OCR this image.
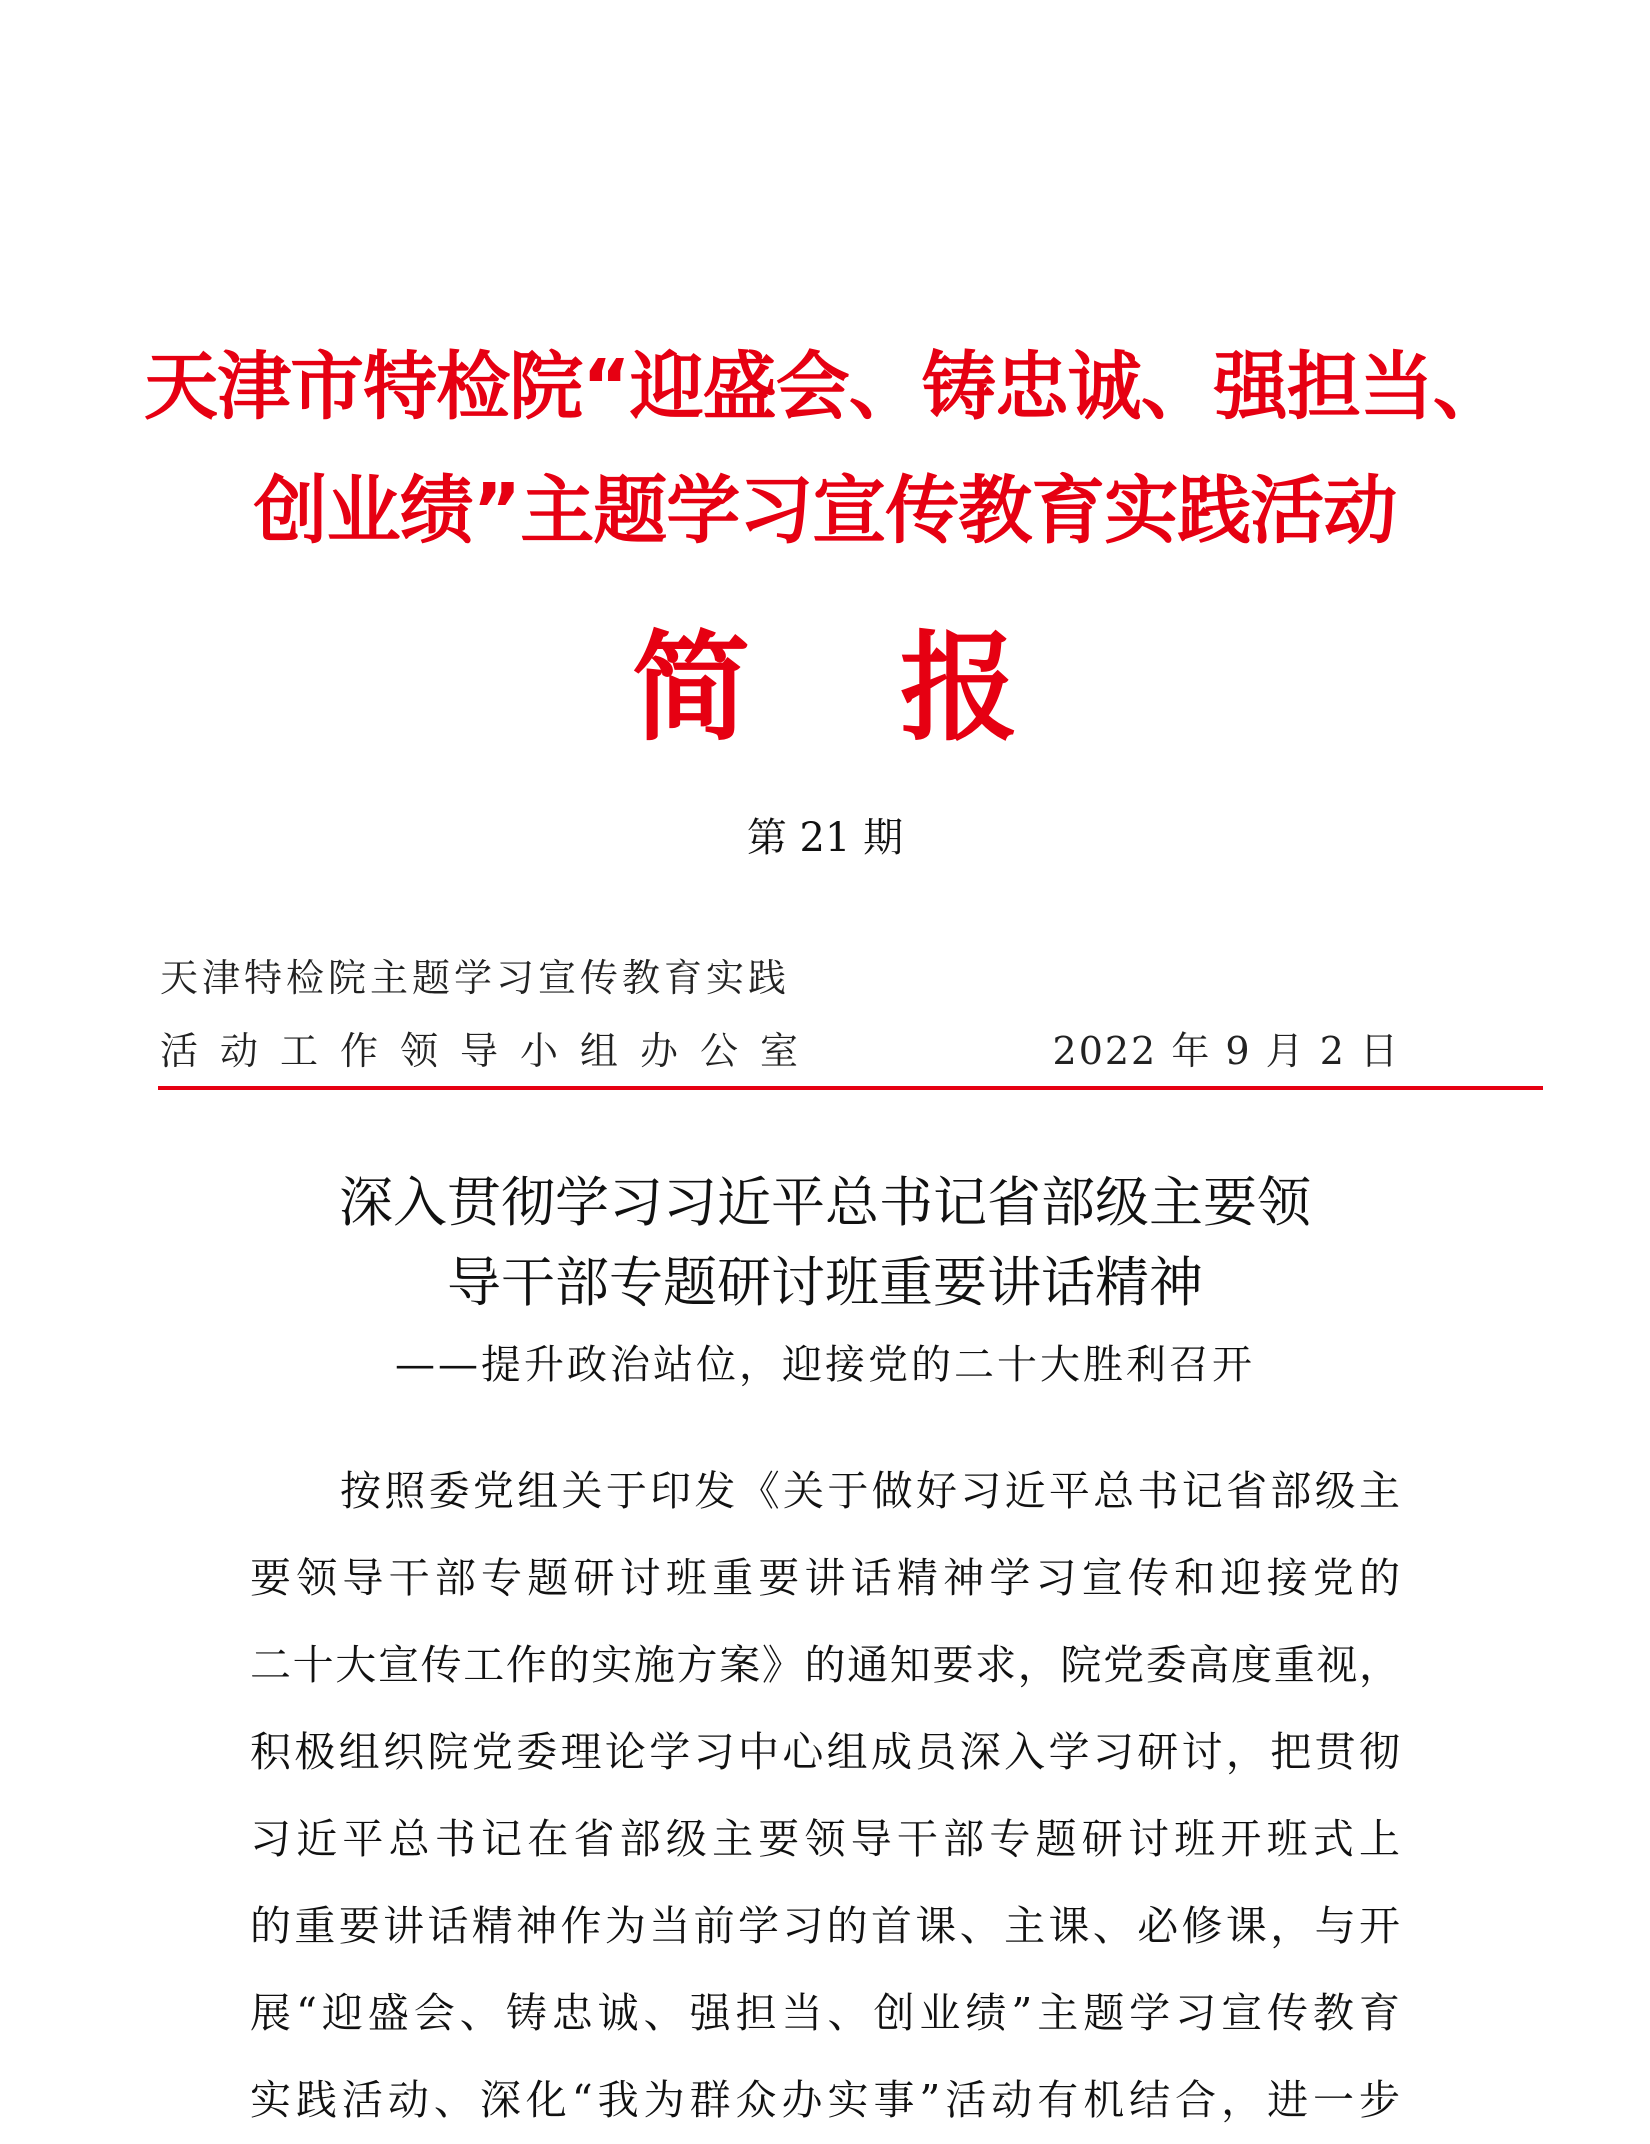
天津市特检院“迎盛会、铸忠诚、强担当、
创业绩”主题学习宣传教育实践活动
简报
第 21 期
天津特检院主题学习宣传教育实践
活动工作领导小组办公室	2022 年 9 月 2 日
深入贯彻学习习近平总书记省部级主要领
导干部专题研讨班重要讲话精神
——提升政治站位，迎接党的二十大胜利召开
按照委党组关于印发《关于做好习近平总书记省部级主
要领导干部专题研讨班重要讲话精神学习宣传和迎接党的
二十大宣传工作的实施方案》的通知要求，院党委高度重视，
积极组织院党委理论学习中心组成员深入学习研讨，把贯彻
习近平总书记在省部级主要领导干部专题研讨班开班式上
的重要讲话精神作为当前学习的首课、主课、必修课，与开
展“迎盛会、铸忠诚、强担当、创业绩”主题学习宣传教育
实践活动、深化“我为群众办实事”活动有机结合，进一步
